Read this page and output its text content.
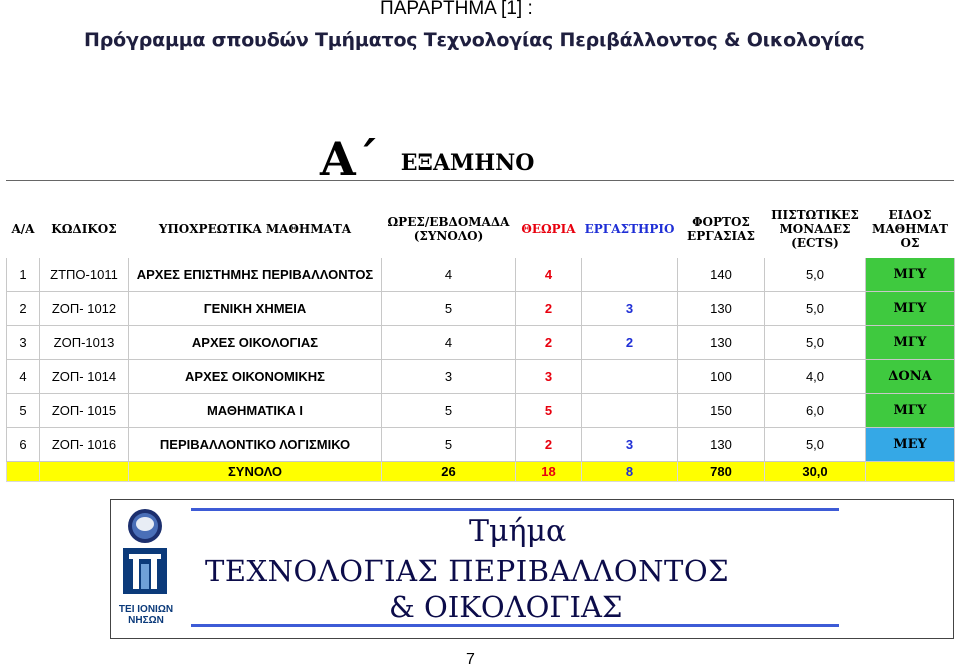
ΠΑΡΑΡΤΗΜΑ [1] :
Πρόγραμμα σπουδών Τμήματος Τεχνολογίας Περιβάλλοντος & Οικολογίας
Α΄ ΕΞΑΜΗΝΟ
Α/Α	ΚΩΔΙΚΟΣ	ΥΠΟΧΡΕΩΤΙΚΑ ΜΑΘΗΜΑΤΑ	ΩΡΕΣ/ΕΒΔΟΜΑΔΑ (ΣΥΝΟΛΟ)	ΘΕΩΡΙΑ	ΕΡΓΑΣΤΗΡΙΟ	ΦΟΡΤΟΣ ΕΡΓΑΣΙΑΣ	ΠΙΣΤΩΤΙΚΕΣ ΜΟΝΑΔΕΣ (ECTS)	ΕΙΔΟΣ ΜΑΘΗΜΑΤ ΟΣ
1	ΖΤΠΟ-1011	ΑΡΧΕΣ ΕΠΙΣΤΗΜΗΣ ΠΕΡΙΒΑΛΛΟΝΤΟΣ	4	4		140	5,0	ΜΓΥ
2	ΖΟΠ- 1012	ΓΕΝΙΚΗ ΧΗΜΕΙΑ	5	2	3	130	5,0	ΜΓΥ
3	ΖΟΠ-1013	ΑΡΧΕΣ ΟΙΚΟΛΟΓΙΑΣ	4	2	2	130	5,0	ΜΓΥ
4	ΖΟΠ- 1014	ΑΡΧΕΣ ΟΙΚΟΝΟΜΙΚΗΣ	3	3		100	4,0	ΔΟΝΑ
5	ΖΟΠ- 1015	ΜΑΘΗΜΑΤΙΚΑ Ι	5	5		150	6,0	ΜΓΥ
6	ΖΟΠ- 1016	ΠΕΡΙΒΑΛΛΟΝΤΙΚΟ ΛΟΓΙΣΜΙΚΟ	5	2	3	130	5,0	ΜΕΥ
		ΣΥΝΟΛΟ	26	18	8	780	30,0	
ΤΕΙ ΙΟΝΙΩΝ
ΝΗΣΩΝ
Τμήμα
ΤΕΧΝΟΛΟΓΙΑΣ ΠΕΡΙΒΑΛΛΟΝΤΟΣ
& ΟΙΚΟΛΟΓΙΑΣ
7
